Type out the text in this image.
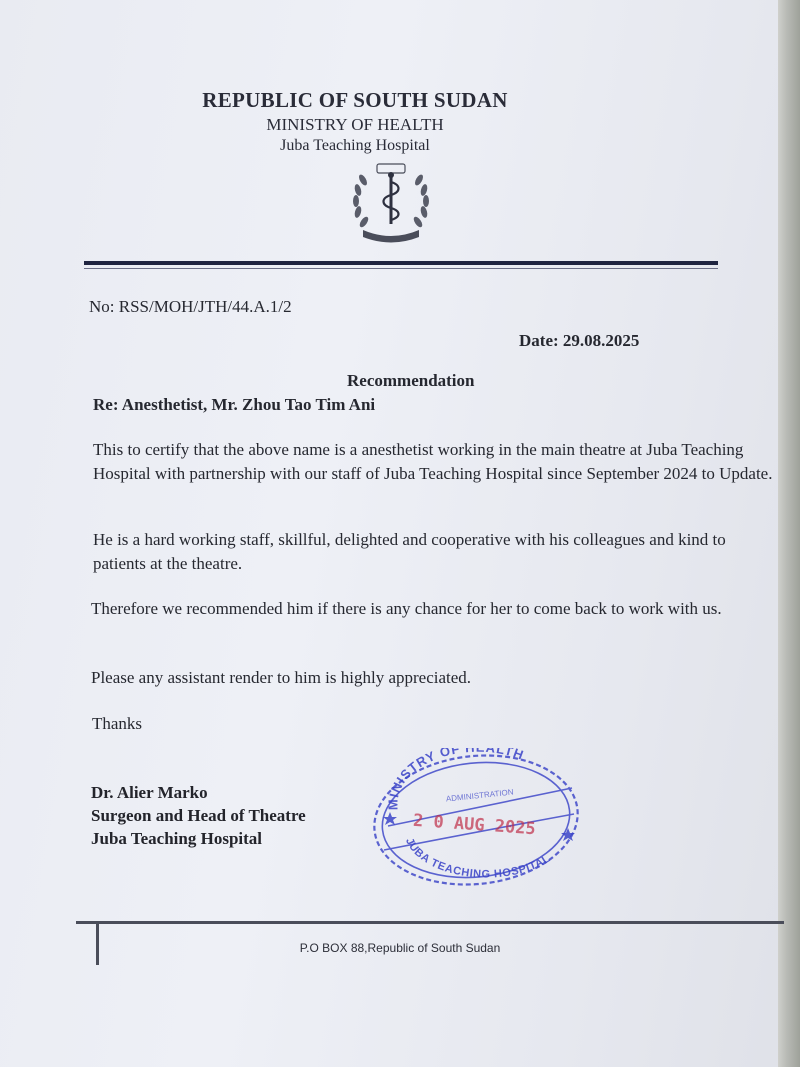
REPUBLIC OF SOUTH SUDAN
MINISTRY OF HEALTH
Juba Teaching Hospital
No: RSS/MOH/JTH/44.A.1/2
Date: 29.08.2025
Recommendation
Re: Anesthetist, Mr. Zhou Tao Tim Ani
This to certify that the above name is a anesthetist working in the main theatre at Juba Teaching Hospital with partnership with our staff of Juba Teaching Hospital since September 2024 to Update.
He is a hard working staff, skillful, delighted and cooperative with his colleagues and kind to patients at the theatre.
Therefore we recommended him if there is any chance for her to come back to work with us.
Please any assistant render to him is highly appreciated.
Thanks
Dr. Alier Marko
Surgeon and Head of Theatre
Juba Teaching Hospital
MINISTRY OF LTH
ADMINISTRATION
2 0 AUG 2025
JUBA TEACHING HOSPITAL
P.O BOX 88,Republic of South Sudan
